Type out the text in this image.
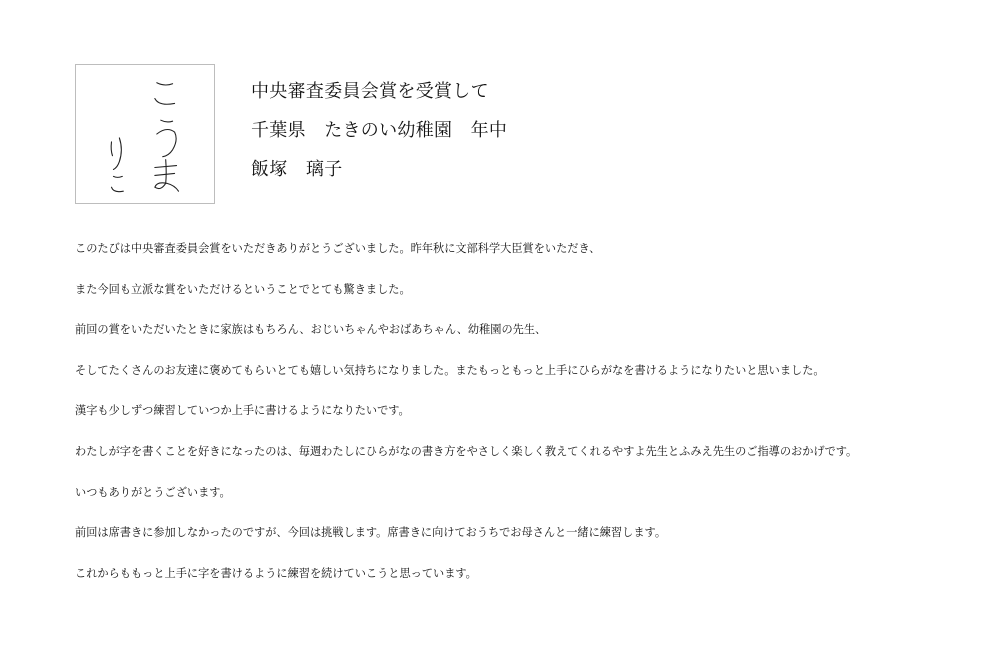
中央審査委員会賞を受賞して
千葉県　たきのい幼稚園　年中
飯塚　璃子

このたびは中央審査委員会賞をいただきありがとうございました。昨年秋に文部科学大臣賞をいただき、

また今回も立派な賞をいただけるということでとても驚きました。

前回の賞をいただいたときに家族はもちろん、おじいちゃんやおばあちゃん、幼稚園の先生、

そしてたくさんのお友達に褒めてもらいとても嬉しい気持ちになりました。またもっともっと上手にひらがなを書けるようになりたいと思いました。

漢字も少しずつ練習していつか上手に書けるようになりたいです。

わたしが字を書くことを好きになったのは、毎週わたしにひらがなの書き方をやさしく楽しく教えてくれるやすよ先生とふみえ先生のご指導のおかげです。

いつもありがとうございます。

前回は席書きに参加しなかったのですが、今回は挑戦します。席書きに向けておうちでお母さんと一緒に練習します。

これからももっと上手に字を書けるように練習を続けていこうと思っています。
